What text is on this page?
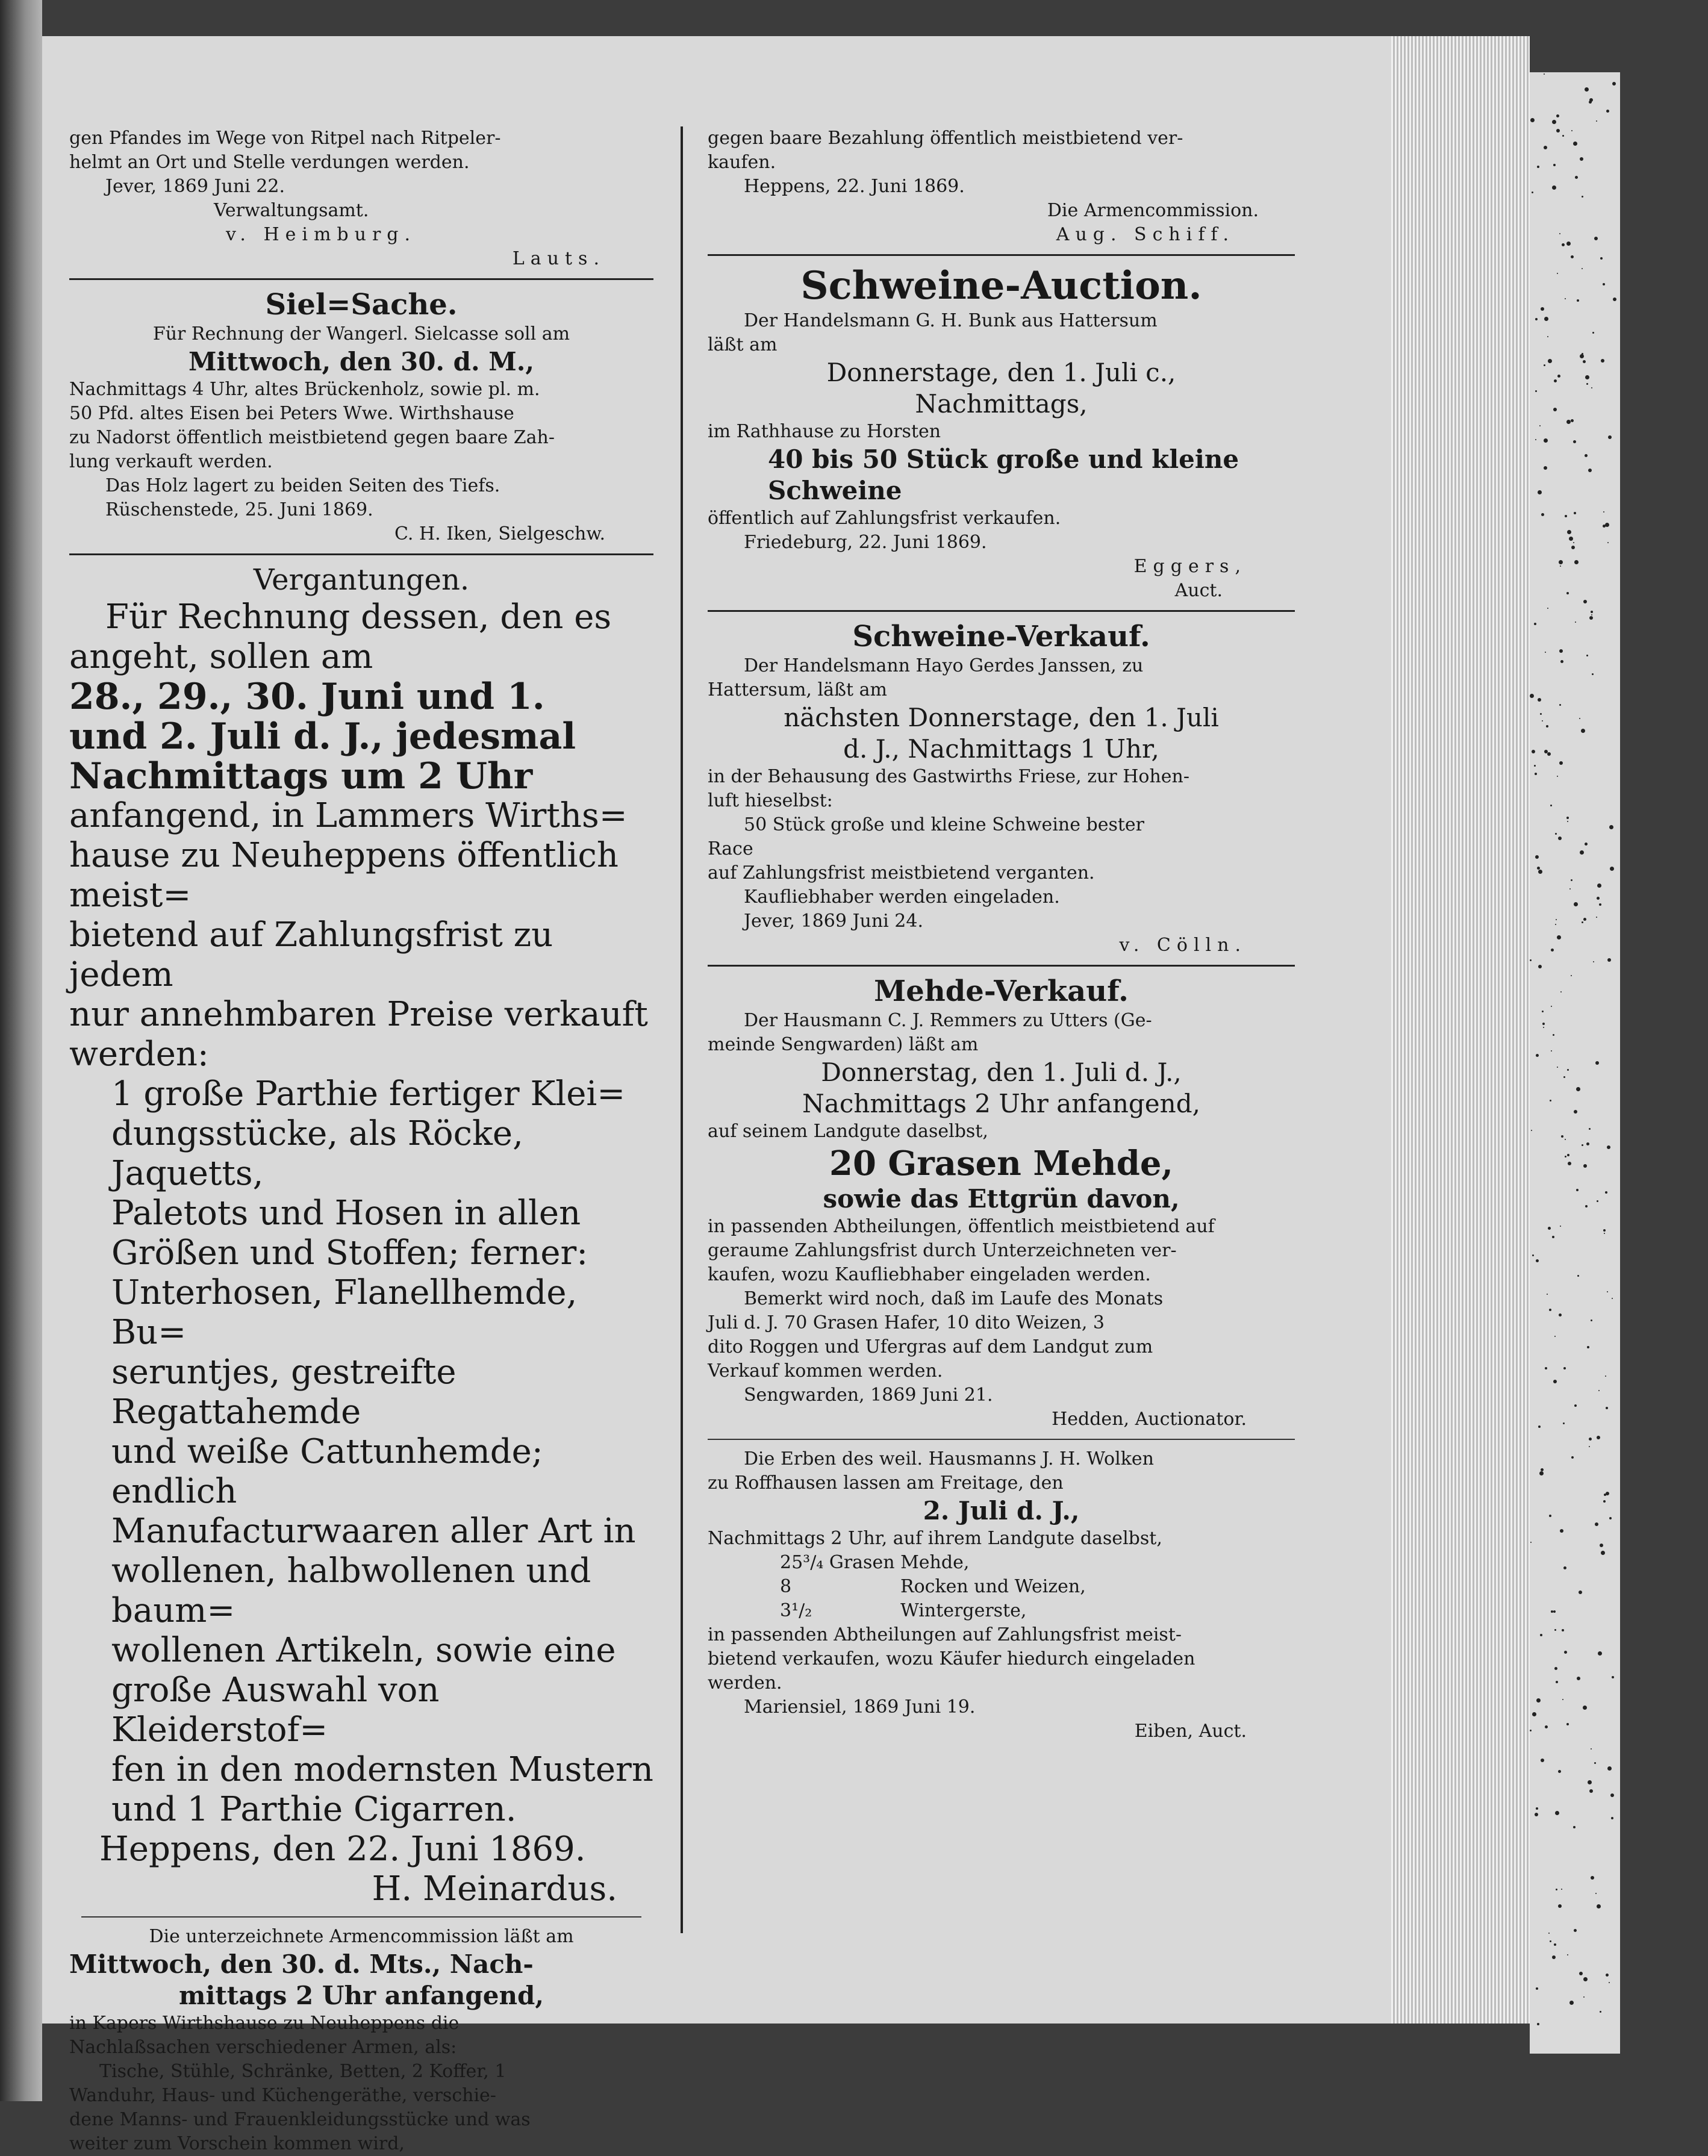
gen Pfandes im Wege von Ritpel nach Ritpeler-

helmt an Ort und Stelle verdungen werden.

Jever, 1869 Juni 22.

Verwaltungsamt.

v. Heimburg.

Lauts.

Siel=Sache.

Für Rechnung der Wangerl. Sielcasse soll am

Mittwoch, den 30. d. M.,

Nachmittags 4 Uhr, altes Brückenholz, sowie pl. m.

50 Pfd. altes Eisen bei Peters Wwe. Wirthshause

zu Nadorst öffentlich meistbietend gegen baare Zah-

lung verkauft werden.

Das Holz lagert zu beiden Seiten des Tiefs.

Rüschenstede, 25. Juni 1869.

C. H. Iken, Sielgeschw.

Vergantungen.

Für Rechnung dessen, den es

angeht, sollen am

28., 29., 30. Juni und 1.

und 2. Juli d. J., jedesmal

Nachmittags um 2 Uhr

anfangend, in Lammers Wirths=

hause zu Neuheppens öffentlich meist=

bietend auf Zahlungsfrist zu jedem

nur annehmbaren Preise verkauft

werden:

1 große Parthie fertiger Klei=

dungsstücke, als Röcke, Jaquetts,

Paletots und Hosen in allen

Größen und Stoffen; ferner:

Unterhosen, Flanellhemde, Bu=

seruntjes, gestreifte Regattahemde

und weiße Cattunhemde; endlich

Manufacturwaaren aller Art in

wollenen, halbwollenen und baum=

wollenen Artikeln, sowie eine

große Auswahl von Kleiderstof=

fen in den modernsten Mustern

und 1 Parthie Cigarren.

Heppens, den 22. Juni 1869.

H. Meinardus.

Die unterzeichnete Armencommission läßt am

Mittwoch, den 30. d. Mts., Nach-

mittags 2 Uhr anfangend,

in Kapers Wirthshause zu Neuheppens die

Nachlaßsachen verschiedener Armen, als:

Tische, Stühle, Schränke, Betten, 2 Koffer, 1

Wanduhr, Haus- und Küchengeräthe, verschie-

dene Manns- und Frauenkleidungsstücke und was

weiter zum Vorschein kommen wird,

gegen baare Bezahlung öffentlich meistbietend ver-

kaufen.

Heppens, 22. Juni 1869.

Die Armencommission.

Aug. Schiff.

Schweine-Auction.

Der Handelsmann G. H. Bunk aus Hattersum

läßt am

Donnerstage, den 1. Juli c.,

Nachmittags,

im Rathhause zu Horsten

40 bis 50 Stück große und kleine

Schweine

öffentlich auf Zahlungsfrist verkaufen.

Friedeburg, 22. Juni 1869.

Eggers,

Auct.

Schweine-Verkauf.

Der Handelsmann Hayo Gerdes Janssen, zu

Hattersum, läßt am

nächsten Donnerstage, den 1. Juli

d. J., Nachmittags 1 Uhr,

in der Behausung des Gastwirths Friese, zur Hohen-

luft hieselbst:

50 Stück große und kleine Schweine bester

Race

auf Zahlungsfrist meistbietend verganten.

Kaufliebhaber werden eingeladen.

Jever, 1869 Juni 24.

v. Cölln.

Mehde-Verkauf.

Der Hausmann C. J. Remmers zu Utters (Ge-

meinde Sengwarden) läßt am

Donnerstag, den 1. Juli d. J.,

Nachmittags 2 Uhr anfangend,

auf seinem Landgute daselbst,

20 Grasen Mehde,

sowie das Ettgrün davon,

in passenden Abtheilungen, öffentlich meistbietend auf

geraume Zahlungsfrist durch Unterzeichneten ver-

kaufen, wozu Kaufliebhaber eingeladen werden.

Bemerkt wird noch, daß im Laufe des Monats

Juli d. J. 70 Grasen Hafer, 10 dito Weizen, 3

dito Roggen und Ufergras auf dem Landgut zum

Verkauf kommen werden.

Sengwarden, 1869 Juni 21.

Hedden, Auctionator.

Die Erben des weil. Hausmanns J. H. Wolken

zu Roffhausen lassen am Freitage, den

2. Juli d. J.,

Nachmittags 2 Uhr, auf ihrem Landgute daselbst,

25³/₄ Grasen Mehde,
8	Rocken und Weizen,
3¹/₂	Wintergerste,

in passenden Abtheilungen auf Zahlungsfrist meist-

bietend verkaufen, wozu Käufer hiedurch eingeladen

werden.

Mariensiel, 1869 Juni 19.

Eiben, Auct.
